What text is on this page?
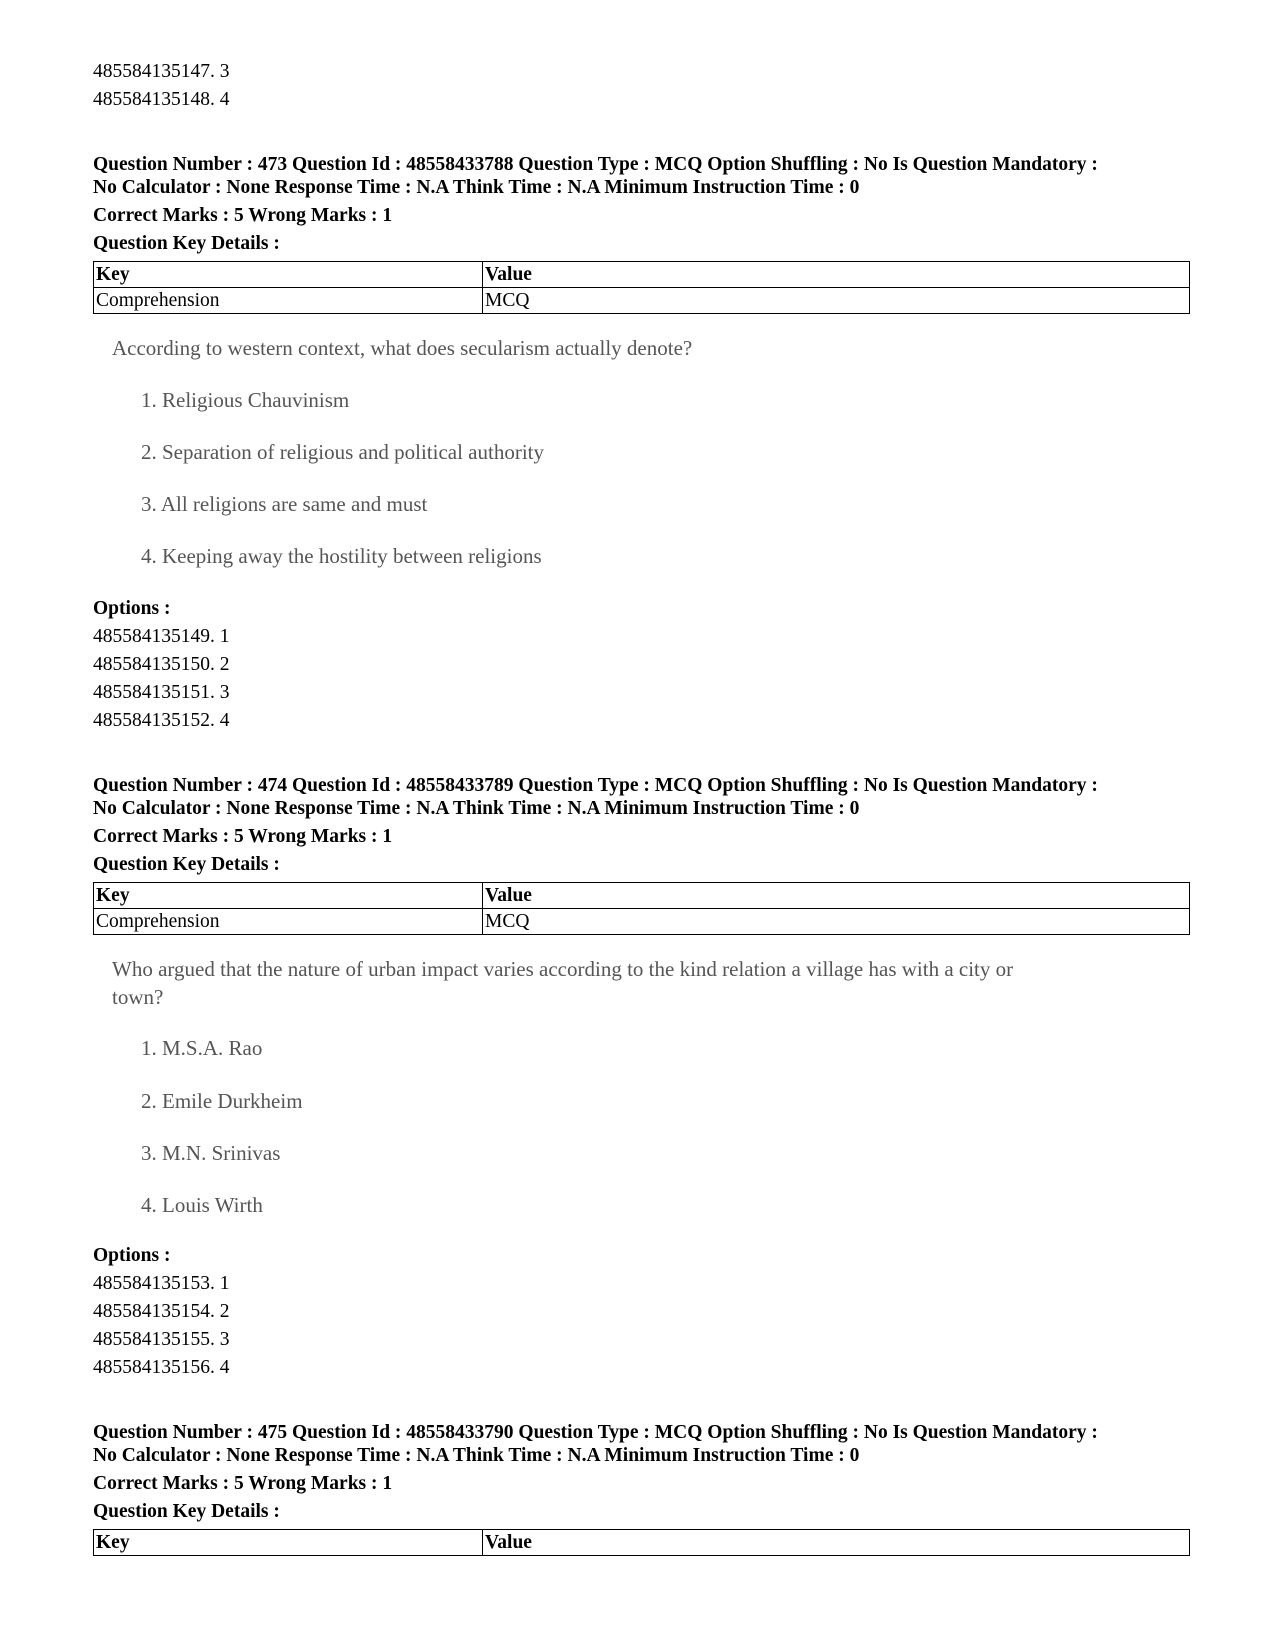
485584135147. 3
485584135148. 4
Question Number : 473 Question Id : 48558433788 Question Type : MCQ Option Shuffling : No Is Question Mandatory :
No Calculator : None Response Time : N.A Think Time : N.A Minimum Instruction Time : 0
Correct Marks : 5 Wrong Marks : 1
Question Key Details :
Key	Value
Comprehension	MCQ
According to western context, what does secularism actually denote?
1. Religious Chauvinism
2. Separation of religious and political authority
3. All religions are same and must
4. Keeping away the hostility between religions
Options :
485584135149. 1
485584135150. 2
485584135151. 3
485584135152. 4
Question Number : 474 Question Id : 48558433789 Question Type : MCQ Option Shuffling : No Is Question Mandatory :
No Calculator : None Response Time : N.A Think Time : N.A Minimum Instruction Time : 0
Correct Marks : 5 Wrong Marks : 1
Question Key Details :
Key	Value
Comprehension	MCQ
Who argued that the nature of urban impact varies according to the kind relation a village has with a city or
town?
1. M.S.A. Rao
2. Emile Durkheim
3. M.N. Srinivas
4. Louis Wirth
Options :
485584135153. 1
485584135154. 2
485584135155. 3
485584135156. 4
Question Number : 475 Question Id : 48558433790 Question Type : MCQ Option Shuffling : No Is Question Mandatory :
No Calculator : None Response Time : N.A Think Time : N.A Minimum Instruction Time : 0
Correct Marks : 5 Wrong Marks : 1
Question Key Details :
Key	Value
